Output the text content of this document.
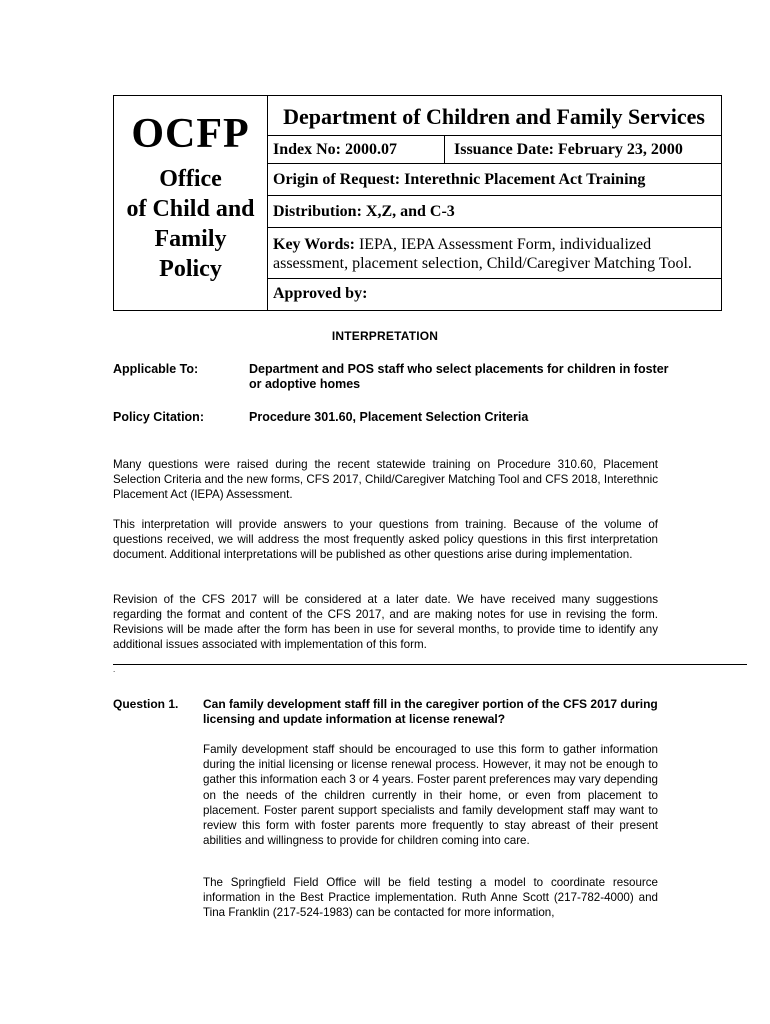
OCFP
Office
of Child and
Family
Policy
Department of Children and Family Services
Index No: 2000.07	Issuance Date: February 23, 2000
Origin of Request: Interethnic Placement Act Training
Distribution: X,Z, and C-3
Key Words: IEPA, IEPA Assessment Form, individualized assessment, placement selection, Child/Caregiver Matching Tool.
Approved by:
INTERPRETATION
Applicable To:	Department and POS staff who select placements for children in foster or adoptive homes
Policy Citation:	Procedure 301.60, Placement Selection Criteria
Many questions were raised during the recent statewide training on Procedure 310.60, Placement Selection Criteria and the new forms, CFS 2017, Child/Caregiver Matching Tool and CFS 2018, Interethnic Placement Act (IEPA) Assessment.
This interpretation will provide answers to your questions from training. Because of the volume of questions received, we will address the most frequently asked policy questions in this first interpretation document. Additional interpretations will be published as other questions arise during implementation.
Revision of the CFS 2017 will be considered at a later date. We have received many suggestions regarding the format and content of the CFS 2017, and are making notes for use in revising the form. Revisions will be made after the form has been in use for several months, to provide time to identify any additional issues associated with implementation of this form.
.
Question 1. Can family development staff fill in the caregiver portion of the CFS 2017 during licensing and update information at license renewal?
Family development staff should be encouraged to use this form to gather information during the initial licensing or license renewal process. However, it may not be enough to gather this information each 3 or 4 years. Foster parent preferences may vary depending on the needs of the children currently in their home, or even from placement to placement. Foster parent support specialists and family development staff may want to review this form with foster parents more frequently to stay abreast of their present abilities and willingness to provide for children coming into care.
The Springfield Field Office will be field testing a model to coordinate resource information in the Best Practice implementation. Ruth Anne Scott (217-782-4000) and Tina Franklin (217-524-1983) can be contacted for more information,
